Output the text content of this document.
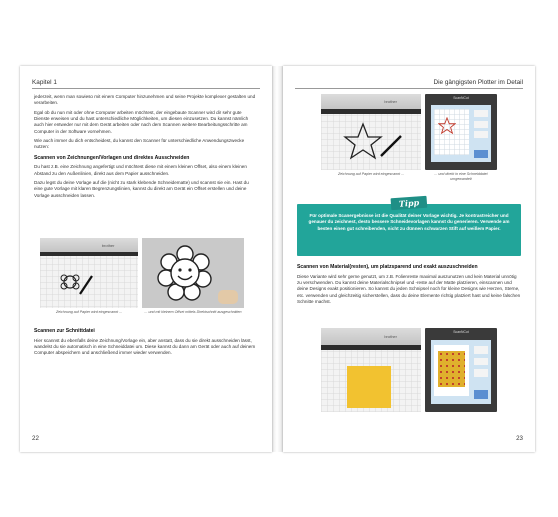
Kapitel 1

jederzeit, wenn man sowieso mit einem Computer hinzunehmen und seine Projekte komplexer gestalten und verarbeiten.

Egal ob du nun mit oder ohne Computer arbeiten möchtest, der eingebaute Scanner wird dir sehr gute Dienste erweisen und du hast unterschiedliche Möglichkeiten, um diesen einzusetzen. Du kannst nämlich auch hier entweder nur mit dem Gerät arbeiten oder nach dem Scannen weitere Bearbeitungsschritte am Computer in der Software vornehmen.

Wie auch immer du dich entscheidest, du kannst den Scanner für unterschiedliche Anwendungszwecke nutzen:

Scannen von Zeichnungen/Vorlagen und direktes Ausschneiden

Du hast z.B. eine Zeichnung angefertigt und möchtest diese mit einem kleinen Offset, also einem kleinen Abstand zu den Außenlinien, direkt aus dem Papier ausschneiden.

Dazu legst du deine Vorlage auf die (nicht zu stark klebende Schneidematte) und scannst sie ein. Hast du eine gute Vorlage mit klaren Begrenzungslinien, kannst du direkt am Gerät ein Offset erstellen und deine Vorlage ausschneiden lassen.

brother
Zeichnung auf Papier wird eingescannt ...	... und mit kleinem Offset mittels Direktschnitt ausgeschnitten
Scannen zur Schnittdatei

Hier scannst du ebenfalls deine Zeichnung/Vorlage ein, aber anstatt, dass du sie direkt ausschneiden lässt, wandelst du sie automatisch in eine Schneiddatei um. Diese kannst du dann am Gerät oder auch auf deinem Computer abspeichern und anschließend immer wieder verwenden.

22
Die gängigsten Plotter im Detail
brother
ScanNCut
Zeichnung auf Papier wird eingescannt ...	... und direkt in eine Schneiddatei umgewandelt
Tipp
Für optimale Scanergebnisse ist die Qualität deiner Vorlage wichtig. Je kontrastreicher und genauer du zeichnest, desto bessere Schneidevorlagen kannst du generieren. Verwende am besten einen gut schreibenden, nicht zu dünnen schwarzen Stift auf weißem Papier.
Scannen von Material(resten), um platzsparend und exakt auszuschneiden

Diese Variante wird sehr gerne genutzt, um z.B. Folienreste maximal auszunutzen und kein Material unnötig zu verschwenden. Du kannst deine Materialschnipsel und -reste auf der Matte platzieren, einscannen und deine Designs exakt positionieren. So kannst du jeden Schnipsel noch für kleine Designs wie Herzen, Sterne, etc. verwenden und gleichzeitig sicherstellen, dass du deine Elemente richtig platziert hast und keine falschen Schnitte machst.

brother
ScanNCut
23
